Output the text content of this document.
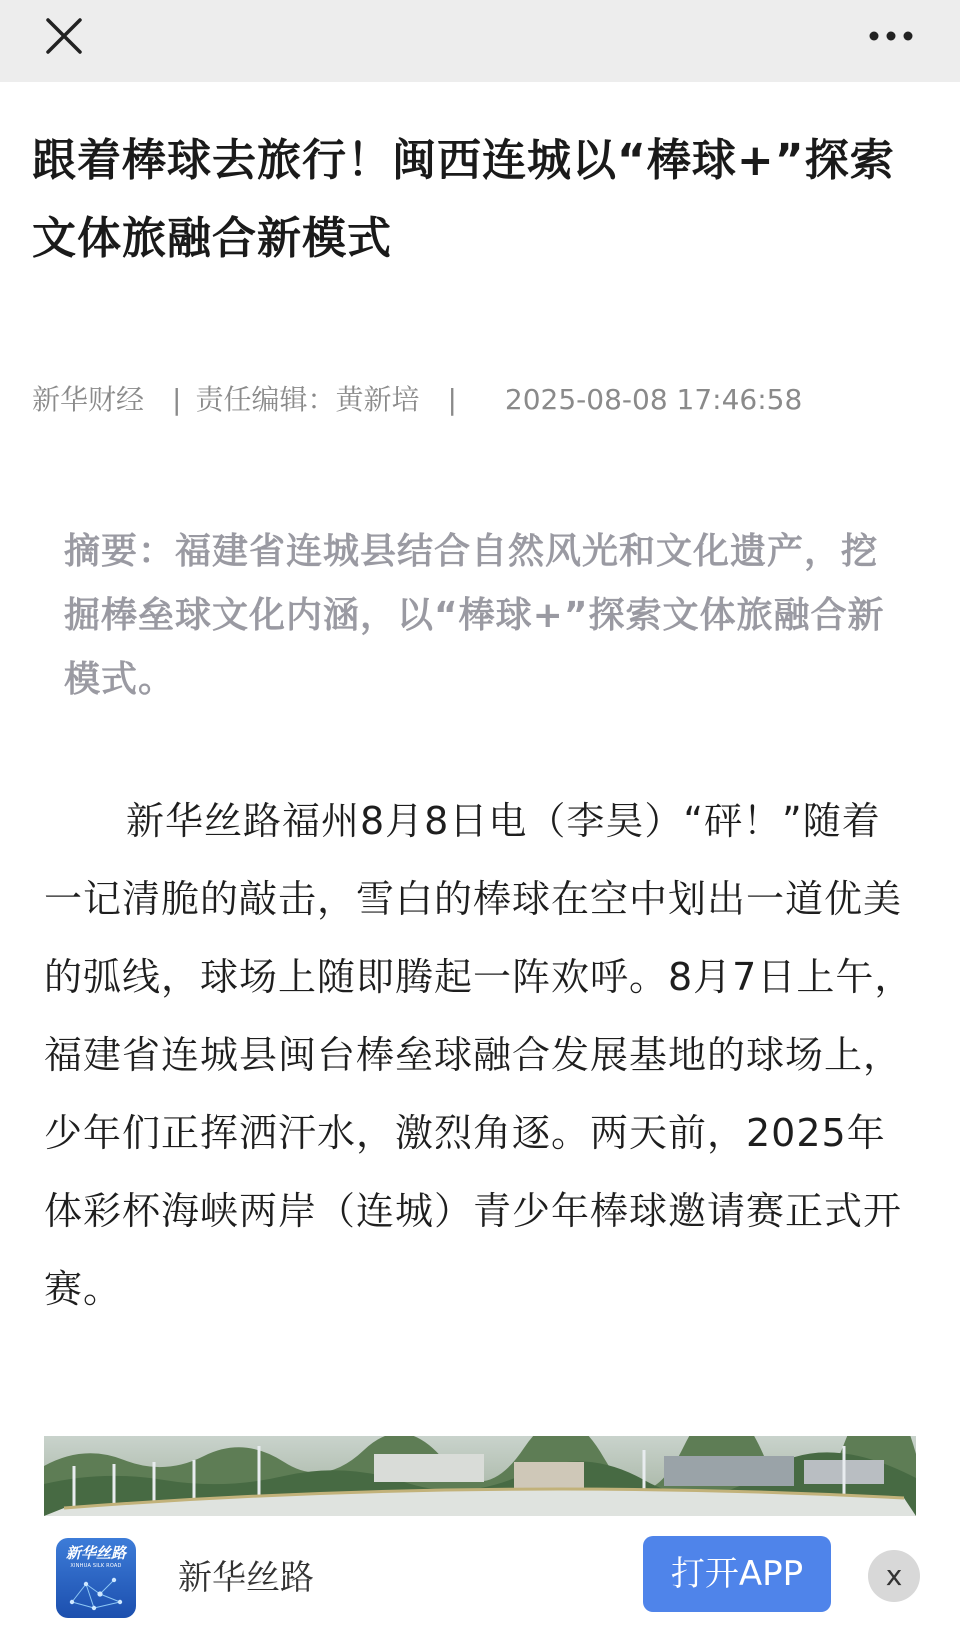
跟着棒球去旅行！闽西连城以“棒球+”探索文体旅融合新模式
新华财经 | 责任编辑：黄新培 | 2025-08-08 17:46:58

摘要：福建省连城县结合自然风光和文化遗产，挖掘棒垒球文化内涵，以“棒球+”探索文体旅融合新模式。

新华丝路福州8月8日电（李昊）“砰！”随着一记清脆的敲击，雪白的棒球在空中划出一道优美的弧线，球场上随即腾起一阵欢呼。8月7日上午，福建省连城县闽台棒垒球融合发展基地的球场上，少年们正挥洒汗水，激烈角逐。两天前，2025年体彩杯海峡两岸（连城）青少年棒球邀请赛正式开赛。

新华丝路
XINHUA SILK ROAD	新华丝路	打开APP	x
